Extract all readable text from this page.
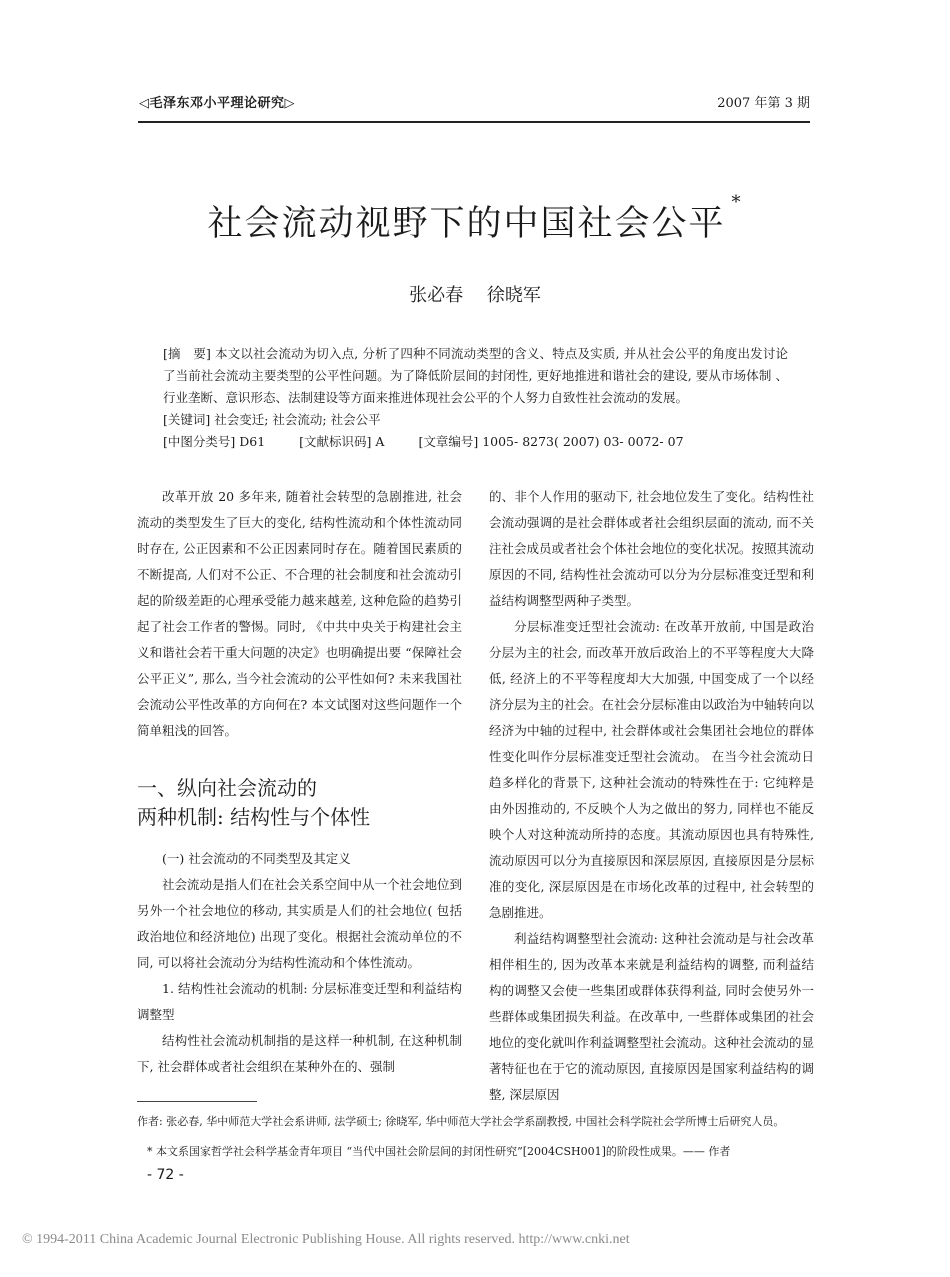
◁毛泽东邓小平理论研究▷	2007 年第 3 期
社会流动视野下的中国社会公平*
张必春 徐晓军

[摘　要] 本文以社会流动为切入点, 分析了四种不同流动类型的含义、特点及实质, 并从社会公平的角度出发讨论了当前社会流动主要类型的公平性问题。为了降低阶层间的封闭性, 更好地推进和谐社会的建设, 要从市场体制 、行业垄断、意识形态、法制建设等方面来推进体现社会公平的个人努力自致性社会流动的发展。

[关键词] 社会变迁; 社会流动; 社会公平
[中图分类号] D61	[文献标识码] A	[文章编号] 1005- 8273( 2007) 03- 0072- 07

改革开放 20 多年来, 随着社会转型的急剧推进, 社会流动的类型发生了巨大的变化, 结构性流动和个体性流动同时存在, 公正因素和不公正因素同时存在。随着国民素质的不断提高, 人们对不公正、不合理的社会制度和社会流动引起的阶级差距的心理承受能力越来越差, 这种危险的趋势引起了社会工作者的警惕。同时, 《中共中央关于构建社会主义和谐社会若干重大问题的决定》也明确提出要 “保障社会公平正义”, 那么, 当今社会流动的公平性如何? 未来我国社会流动公平性改革的方向何在? 本文试图对这些问题作一个简单粗浅的回答。

一、纵向社会流动的
两种机制: 结构性与个体性

(一) 社会流动的不同类型及其定义

社会流动是指人们在社会关系空间中从一个社会地位到另外一个社会地位的移动, 其实质是人们的社会地位( 包括政治地位和经济地位) 出现了变化。根据社会流动单位的不同, 可以将社会流动分为结构性流动和个体性流动。

1. 结构性社会流动的机制: 分层标准变迁型和利益结构调整型

结构性社会流动机制指的是这样一种机制, 在这种机制下, 社会群体或者社会组织在某种外在的、强制

的、非个人作用的驱动下, 社会地位发生了变化。结构性社会流动强调的是社会群体或者社会组织层面的流动, 而不关注社会成员或者社会个体社会地位的变化状况。按照其流动原因的不同, 结构性社会流动可以分为分层标准变迁型和利益结构调整型两种子类型。

分层标准变迁型社会流动: 在改革开放前, 中国是政治分层为主的社会, 而改革开放后政治上的不平等程度大大降低, 经济上的不平等程度却大大加强, 中国变成了一个以经济分层为主的社会。在社会分层标准由以政治为中轴转向以经济为中轴的过程中, 社会群体或社会集团社会地位的群体性变化叫作分层标准变迁型社会流动。 在当今社会流动日趋多样化的背景下, 这种社会流动的特殊性在于: 它纯粹是由外因推动的, 不反映个人为之做出的努力, 同样也不能反映个人对这种流动所持的态度。其流动原因也具有特殊性, 流动原因可以分为直接原因和深层原因, 直接原因是分层标准的变化, 深层原因是在市场化改革的过程中, 社会转型的急剧推进。

利益结构调整型社会流动: 这种社会流动是与社会改革相伴相生的, 因为改革本来就是利益结构的调整, 而利益结构的调整又会使一些集团或群体获得利益, 同时会使另外一些群体或集团损失利益。在改革中, 一些群体或集团的社会地位的变化就叫作利益调整型社会流动。这种社会流动的显著特征也在于它的流动原因, 直接原因是国家利益结构的调整, 深层原因

作者: 张必春, 华中师范大学社会系讲师, 法学硕士; 徐晓军, 华中师范大学社会学系副教授, 中国社会科学院社会学所博士后研究人员。
* 本文系国家哲学社会科学基金青年项目 “当代中国社会阶层间的封闭性研究”[2004CSH001]的阶段性成果。—— 作者
- 72 -
© 1994-2011 China Academic Journal Electronic Publishing House. All rights reserved. http://www.cnki.net
